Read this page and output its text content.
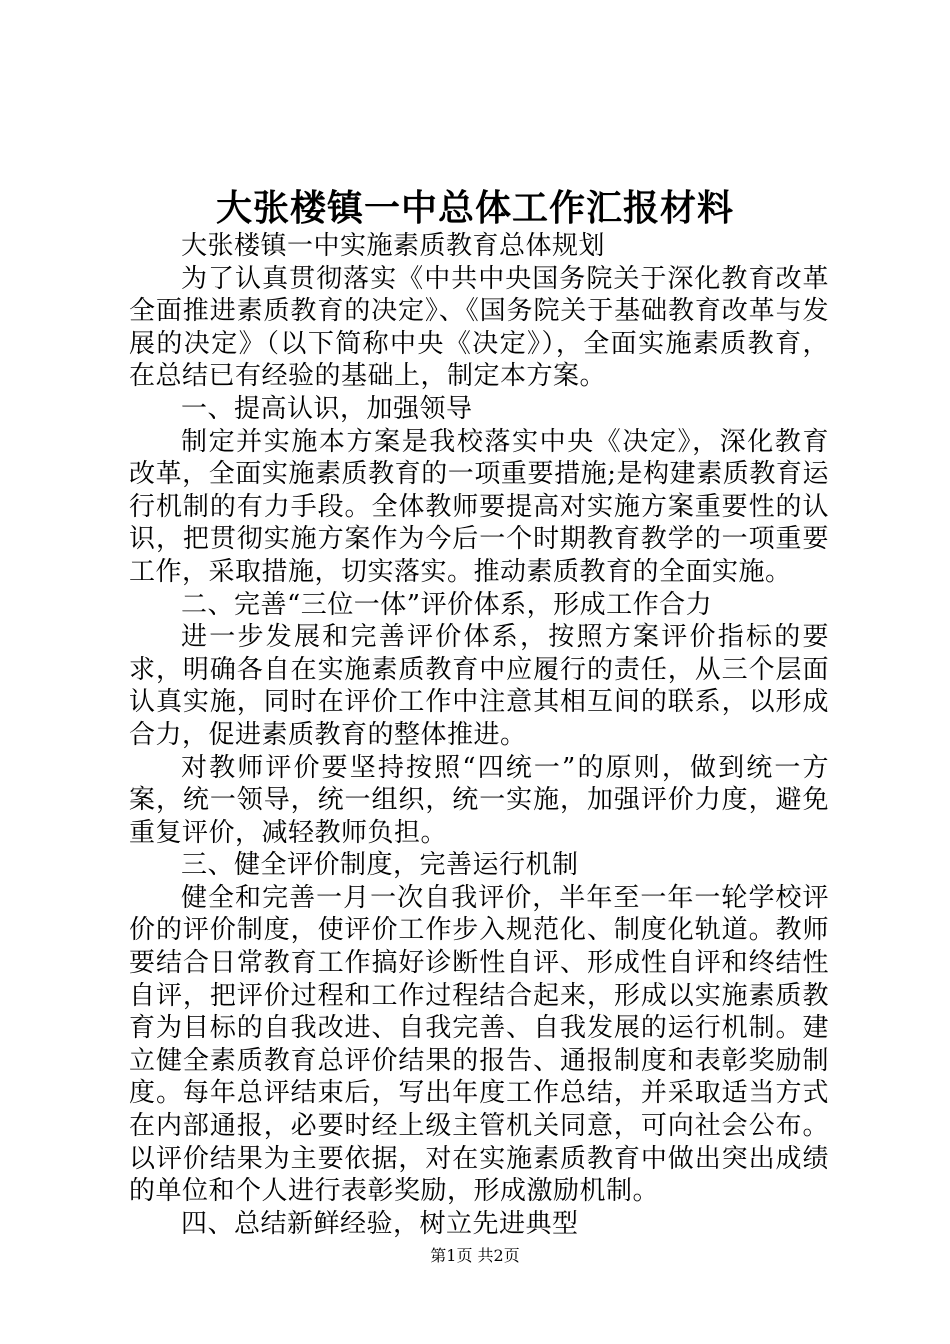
大张楼镇一中总体工作汇报材料

大张楼镇一中实施素质教育总体规划

为了认真贯彻落实《中共中央国务院关于深化教育改革全面推进素质教育的决定》、《国务院关于基础教育改革与发展的决定》（以下简称中央《决定》），全面实施素质教育，在总结已有经验的基础上，制定本方案。

一、提高认识，加强领导

制定并实施本方案是我校落实中央《决定》，深化教育改革，全面实施素质教育的一项重要措施;是构建素质教育运行机制的有力手段。全体教师要提高对实施方案重要性的认识，把贯彻实施方案作为今后一个时期教育教学的一项重要工作，采取措施，切实落实。推动素质教育的全面实施。

二、完善“三位一体”评价体系，形成工作合力

进一步发展和完善评价体系，按照方案评价指标的要求，明确各自在实施素质教育中应履行的责任，从三个层面认真实施，同时在评价工作中注意其相互间的联系，以形成合力，促进素质教育的整体推进。

对教师评价要坚持按照“四统一”的原则，做到统一方案，统一领导，统一组织，统一实施，加强评价力度，避免重复评价，减轻教师负担。

三、健全评价制度，完善运行机制

健全和完善一月一次自我评价，半年至一年一轮学校评价的评价制度，使评价工作步入规范化、制度化轨道。教师要结合日常教育工作搞好诊断性自评、形成性自评和终结性自评，把评价过程和工作过程结合起来，形成以实施素质教育为目标的自我改进、自我完善、自我发展的运行机制。建立健全素质教育总评价结果的报告、通报制度和表彰奖励制度。每年总评结束后，写出年度工作总结，并采取适当方式在内部通报，必要时经上级主管机关同意，可向社会公布。以评价结果为主要依据，对在实施素质教育中做出突出成绩的单位和个人进行表彰奖励，形成激励机制。

四、总结新鲜经验，树立先进典型

第1页 共2页
